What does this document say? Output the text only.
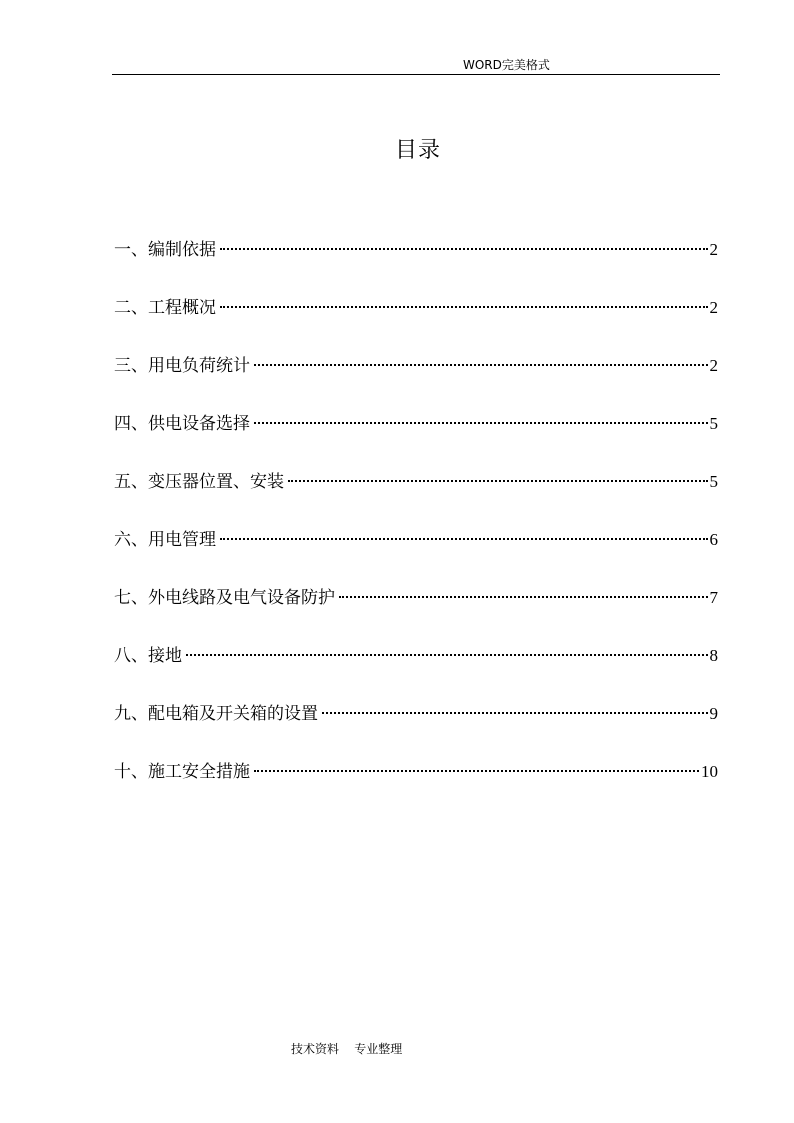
WORD完美格式
目录
一、编制依据	2
二、工程概况	2
三、用电负荷统计	2
四、供电设备选择	5
五、变压器位置、安装	5
六、用电管理	6
七、外电线路及电气设备防护	7
八、接地	8
九、配电箱及开关箱的设置	9
十、施工安全措施	10
技术资料    专业整理
